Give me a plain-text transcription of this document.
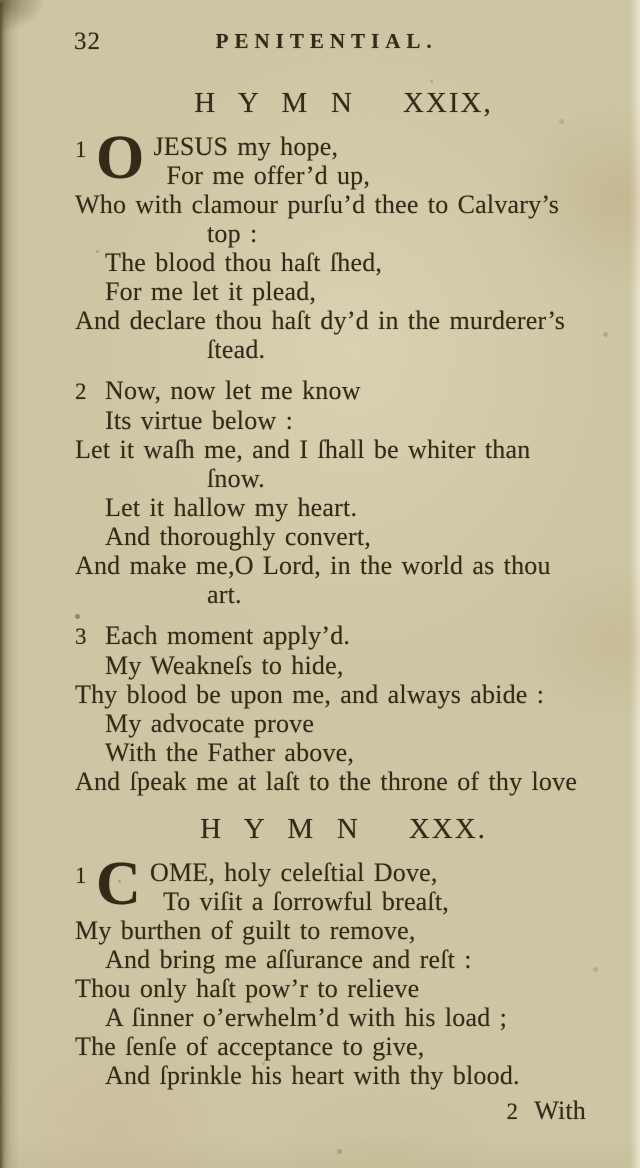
32	PENITENTIAL.
H Y M N XXIX,
1 O JESUS my hope,
For me offer’d up,
Who with clamour purſu’d thee to Calvary’s
top :
The blood thou haſt ſhed,
For me let it plead,
And declare thou haſt dy’d in the murderer’s
ſtead.
2 Now, now let me know
Its virtue below :
Let it waſh me, and I ſhall be whiter than
ſnow.
Let it hallow my heart.
And thoroughly convert,
And make me,O Lord, in the world as thou
art.
3 Each moment apply’d.
My Weakneſs to hide,
Thy blood be upon me, and always abide :
My advocate prove
With the Father above,
And ſpeak me at laſt to the throne of thy love
H Y M N XXX.
1 C OME, holy celeſtial Dove,
To viſit a ſorrowful breaſt,
My burthen of guilt to remove,
And bring me aſſurance and reſt :
Thou only haſt pow’r to relieve
A ſinner o’erwhelm’d with his load ;
The ſenſe of acceptance to give,
And ſprinkle his heart with thy blood.
2 With
